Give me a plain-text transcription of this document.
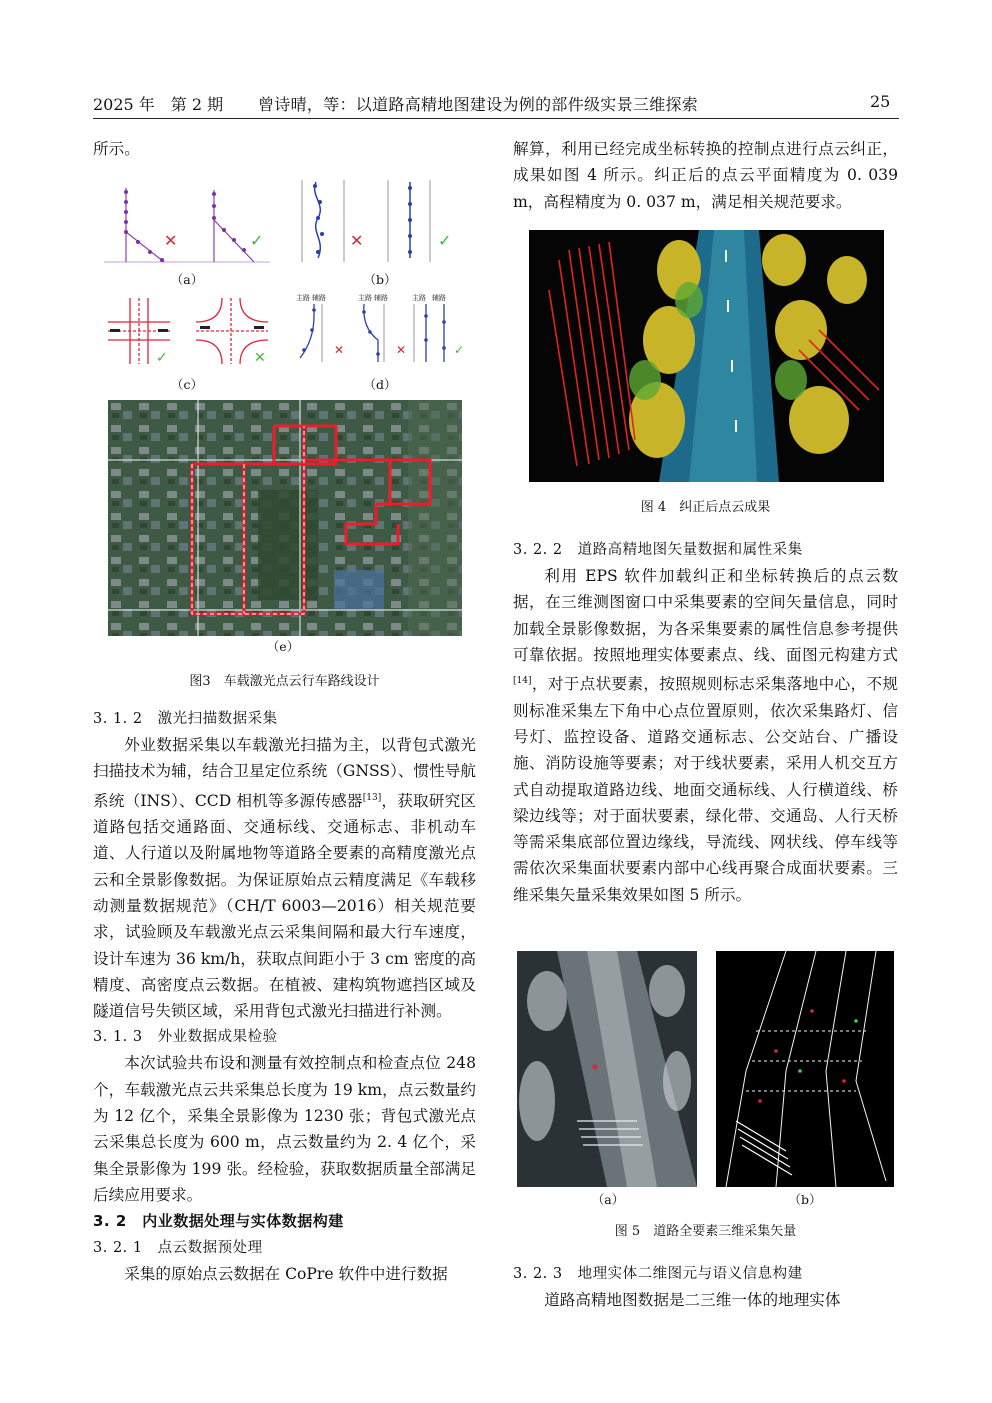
2025 年　第 2 期 曾诗晴，等：以道路高精地图建设为例的部件级实景三维探索	25

所示。

✕	✓
（a）
✕	✓
（b）
✓	✕
（c）
主路 辅路
✕
主路 辅路
✕
主路 辅路
✓
（d）
（e）
图3　车载激光点云行车路线设计
3. 1. 2　激光扫描数据采集

外业数据采集以车载激光扫描为主，以背包式激光扫描技术为辅，结合卫星定位系统（GNSS）、惯性导航系统（INS）、CCD 相机等多源传感器[13]，获取研究区道路包括交通路面、交通标线、交通标志、非机动车道、人行道以及附属地物等道路全要素的高精度激光点云和全景影像数据。为保证原始点云精度满足《车载移动测量数据规范》（CH/T 6003—2016）相关规范要求，试验顾及车载激光点云采集间隔和最大行车速度，设计车速为 36 km/h，获取点间距小于 3 cm 密度的高精度、高密度点云数据。在植被、建构筑物遮挡区域及隧道信号失锁区域，采用背包式激光扫描进行补测。

3. 1. 3　外业数据成果检验

本次试验共布设和测量有效控制点和检查点位 248 个，车载激光点云共采集总长度为 19 km，点云数量约为 12 亿个，采集全景影像为 1230 张；背包式激光点云采集总长度为 600 m，点云数量约为 2. 4 亿个，采集全景影像为 199 张。经检验，获取数据质量全部满足后续应用要求。

3. 2　内业数据处理与实体数据构建
3. 2. 1　点云数据预处理

采集的原始点云数据在 CoPre 软件中进行数据

解算，利用已经完成坐标转换的控制点进行点云纠正，成果如图 4 所示。纠正后的点云平面精度为 0. 039 m，高程精度为 0. 037 m，满足相关规范要求。

图 4　纠正后点云成果
3. 2. 2　道路高精地图矢量数据和属性采集

利用 EPS 软件加载纠正和坐标转换后的点云数据，在三维测图窗口中采集要素的空间矢量信息，同时加载全景影像数据，为各采集要素的属性信息参考提供可靠依据。按照地理实体要素点、线、面图元构建方式[14]，对于点状要素，按照规则标志采集落地中心，不规则标准采集左下角中心点位置原则，依次采集路灯、信号灯、监控设备、道路交通标志、公交站台、广播设施、消防设施等要素；对于线状要素，采用人机交互方式自动提取道路边线、地面交通标线、人行横道线、桥梁边线等；对于面状要素，绿化带、交通岛、人行天桥等需采集底部位置边缘线，导流线、网状线、停车线等需依次采集面状要素内部中心线再聚合成面状要素。三维采集矢量采集效果如图 5 所示。

（a）	（b）
图 5　道路全要素三维采集矢量
3. 2. 3　地理实体二维图元与语义信息构建

道路高精地图数据是二三维一体的地理实体
